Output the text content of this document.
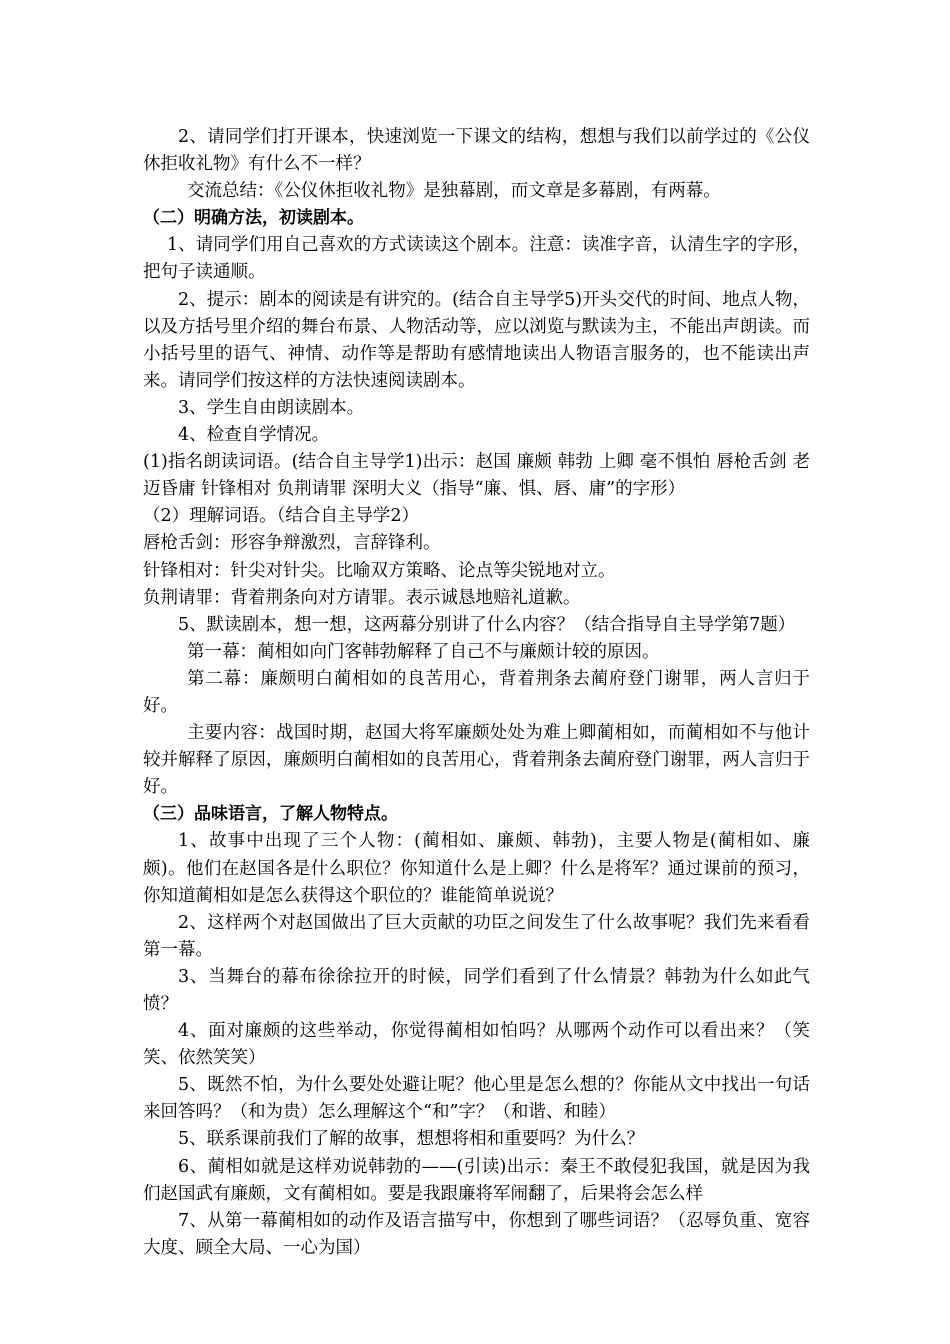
2、请同学们打开课本，快速浏览一下课文的结构，想想与我们以前学过的《公仪休拒收礼物》有什么不一样？

交流总结：《公仪休拒收礼物》是独幕剧，而文章是多幕剧，有两幕。

（二）明确方法，初读剧本。

1、请同学们用自己喜欢的方式读读这个剧本。注意：读准字音，认清生字的字形，把句子读通顺。

2、提示：剧本的阅读是有讲究的。(结合自主导学5)开头交代的时间、地点人物，以及方括号里介绍的舞台布景、人物活动等，应以浏览与默读为主，不能出声朗读。而小括号里的语气、神情、动作等是帮助有感情地读出人物语言服务的，也不能读出声来。请同学们按这样的方法快速阅读剧本。

3、学生自由朗读剧本。

4、检查自学情况。

(1)指名朗读词语。(结合自主导学1)出示：赵国 廉颇 韩勃 上卿 毫不惧怕 唇枪舌剑 老迈昏庸 针锋相对 负荆请罪 深明大义（指导“廉、惧、唇、庸”的字形）

（2）理解词语。（结合自主导学2）

唇枪舌剑：形容争辩激烈，言辞锋利。

针锋相对：针尖对针尖。比喻双方策略、论点等尖锐地对立。

负荆请罪：背着荆条向对方请罪。表示诚恳地赔礼道歉。

5、默读剧本，想一想，这两幕分别讲了什么内容？（结合指导自主导学第7题）

第一幕：蔺相如向门客韩勃解释了自己不与廉颇计较的原因。

第二幕：廉颇明白蔺相如的良苦用心，背着荆条去蔺府登门谢罪，两人言归于好。

主要内容：战国时期，赵国大将军廉颇处处为难上卿蔺相如，而蔺相如不与他计较并解释了原因，廉颇明白蔺相如的良苦用心，背着荆条去蔺府登门谢罪，两人言归于好。

（三）品味语言，了解人物特点。

1、故事中出现了三个人物：(蔺相如、廉颇、韩勃)，主要人物是(蔺相如、廉颇)。他们在赵国各是什么职位？你知道什么是上卿？什么是将军？通过课前的预习，你知道蔺相如是怎么获得这个职位的？谁能简单说说？

2、这样两个对赵国做出了巨大贡献的功臣之间发生了什么故事呢？我们先来看看第一幕。

3、当舞台的幕布徐徐拉开的时候，同学们看到了什么情景？韩勃为什么如此气愤？

4、面对廉颇的这些举动，你觉得蔺相如怕吗？从哪两个动作可以看出来？（笑笑、依然笑笑）

5、既然不怕，为什么要处处避让呢？他心里是怎么想的？你能从文中找出一句话来回答吗？（和为贵）怎么理解这个“和”字？（和谐、和睦）

5、联系课前我们了解的故事，想想将相和重要吗？为什么？

6、蔺相如就是这样劝说韩勃的——(引读)出示：秦王不敢侵犯我国，就是因为我们赵国武有廉颇，文有蔺相如。要是我跟廉将军闹翻了，后果将会怎么样

7、从第一幕蔺相如的动作及语言描写中，你想到了哪些词语？（忍辱负重、宽容大度、顾全大局、一心为国）
